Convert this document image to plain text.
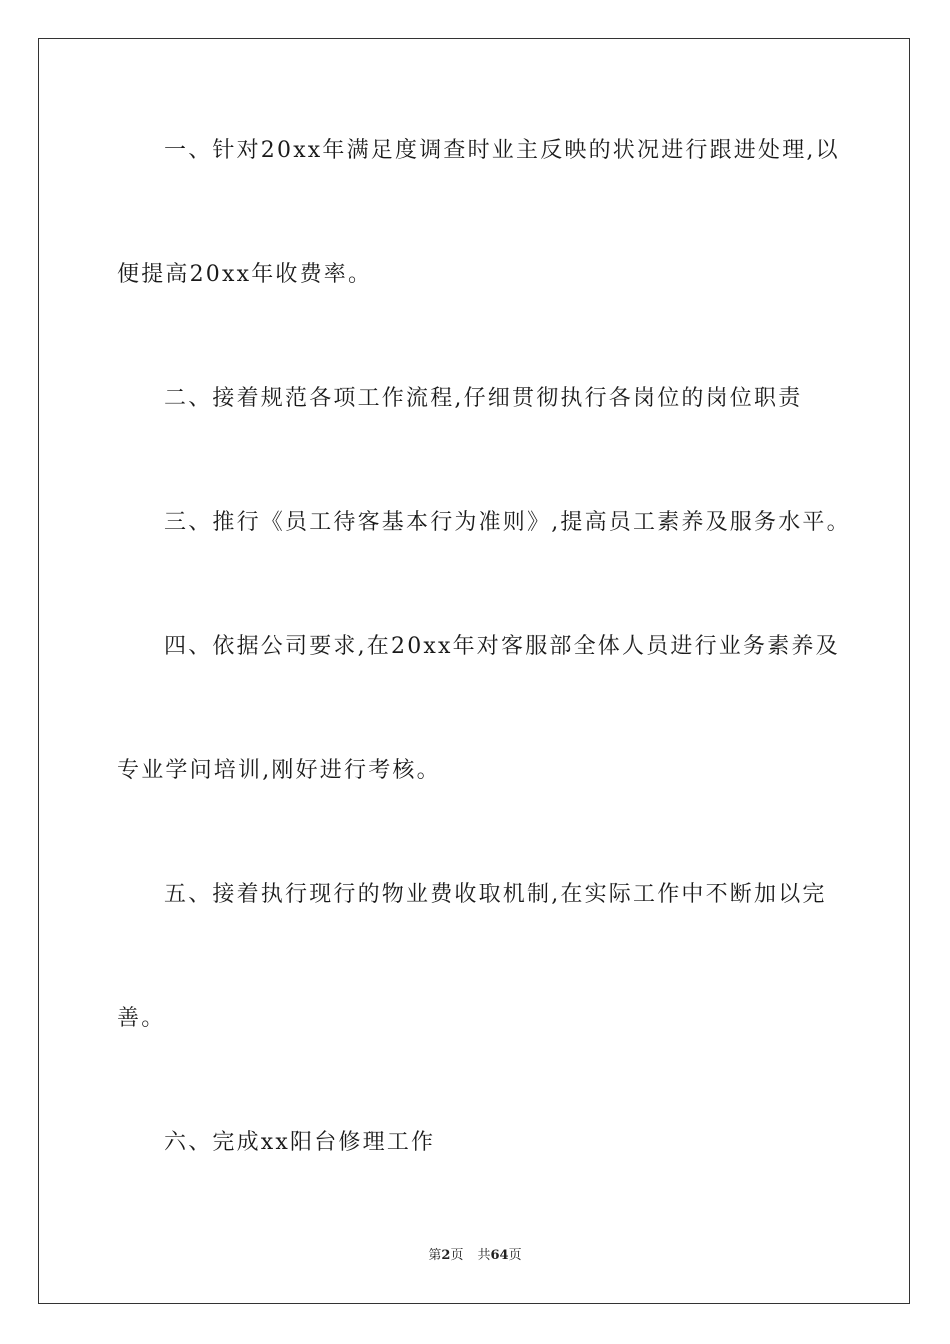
一、针对20xx年满足度调查时业主反映的状况进行跟进处理,以
便提高20xx年收费率。
二、接着规范各项工作流程,仔细贯彻执行各岗位的岗位职责
三、推行《员工待客基本行为准则》,提高员工素养及服务水平。
四、依据公司要求,在20xx年对客服部全体人员进行业务素养及
专业学问培训,刚好进行考核。
五、接着执行现行的物业费收取机制,在实际工作中不断加以完
善。
六、完成xx阳台修理工作
第2页 共64页
